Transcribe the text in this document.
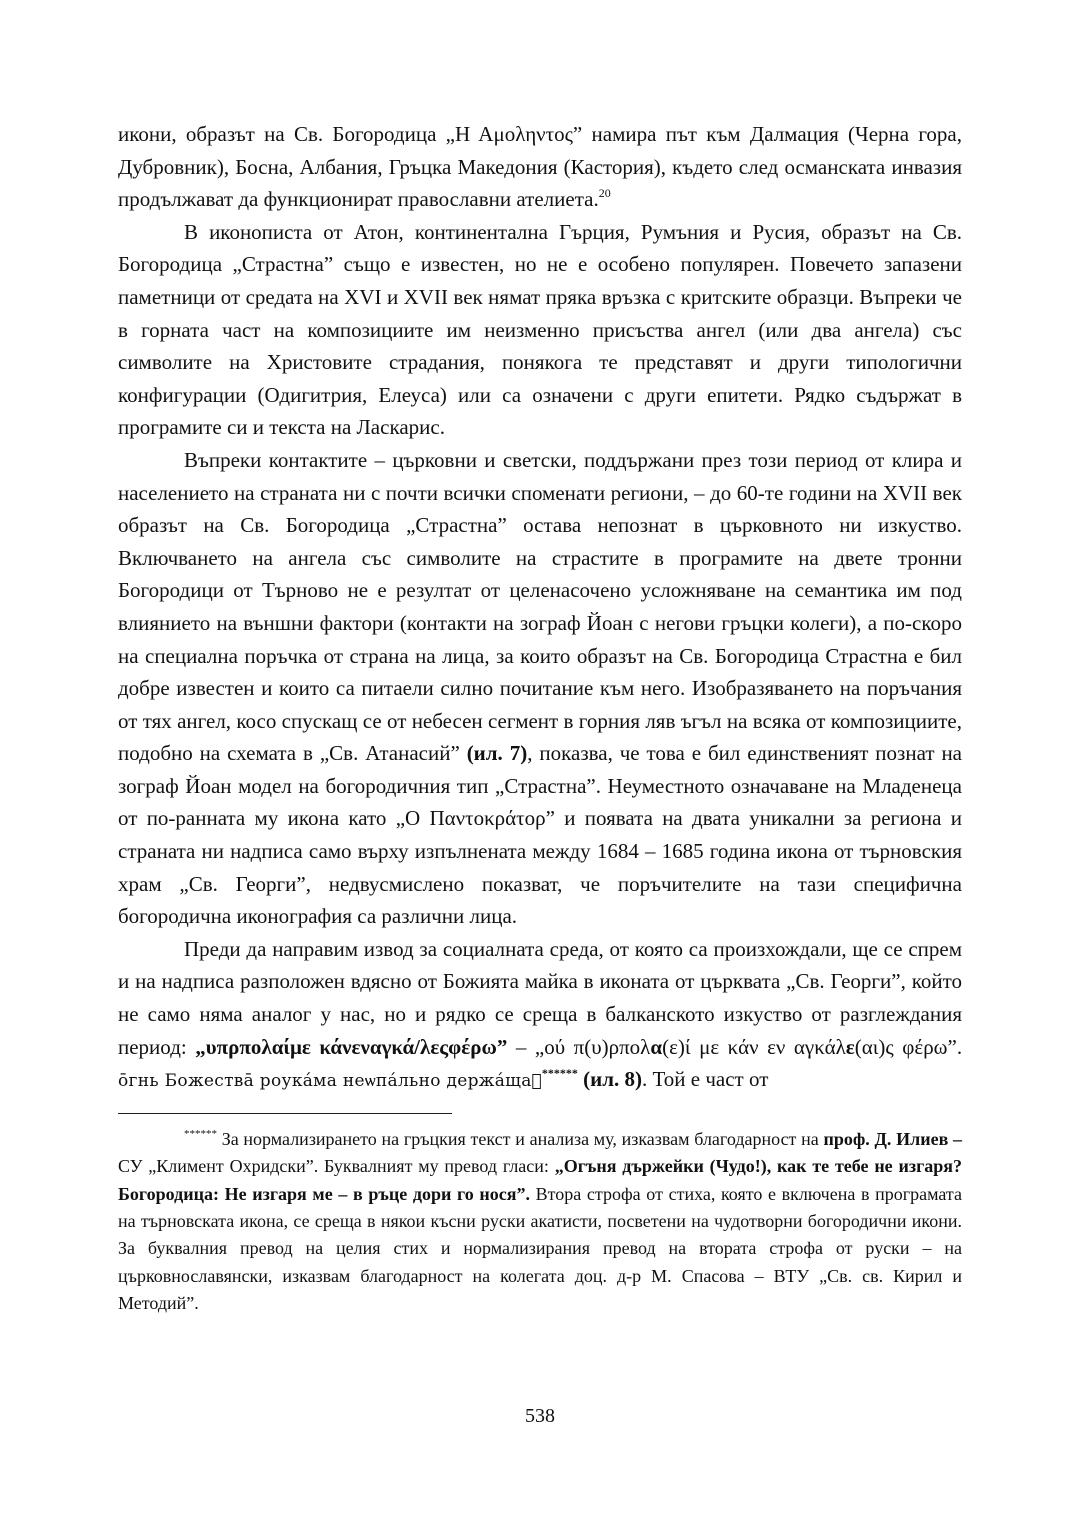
икони, образът на Св. Богородица „Η Αμοληντος” намира път към Далмация (Черна гора, Дубровник), Босна, Албания, Гръцка Македония (Кастория), където след османската инвазия продължават да функционират православни ателиета.$^{20}$

В иконописта от Атон, континентална Гърция, Румъния и Русия, образът на Св. Богородица „Страстна” също е известен, но не е особено популярен. Повечето запазени паметници от средата на XVI и XVII век нямат пряка връзка с критските образци. Въпреки че в горната част на композициите им неизменно присъства ангел (или два ангела) със символите на Христовите страдания, понякога те представят и други типологични конфигурации (Одигитрия, Елеуса) или са означени с други епитети. Рядко съдържат в програмите си и текста на Ласкарис.

Въпреки контактите – църковни и светски, поддържани през този период от клира и населението на страната ни с почти всички споменати региони, – до 60-те години на XVII век образът на Св. Богородица „Страстна” остава непознат в църковното ни изкуство. Включването на ангела със символите на страстите в програмите на двете тронни Богородици от Търново не е резултат от целенасочено усложняване на семантика им под влиянието на външни фактори (контакти на зограф Йоан с негови гръцки колеги), а по-скоро на специална поръчка от страна на лица, за които образът на Св. Богородица Страстна е бил добре известен и които са питаели силно почитание към него. Изобразяването на поръчания от тях ангел, косо спускащ се от небесен сегмент в горния ляв ъгъл на всяка от композициите, подобно на схемата в „Св. Атанасий” (ил. 7), показва, че това е бил единственият познат на зограф Йоан модел на богородичния тип „Страстна”. Неуместното означаване на Младенеца от по-ранната му икона като „Ο Παντοκράτορ” и появата на двата уникални за региона и страната ни надписа само върху изпълнената между 1684 – 1685 година икона от търновския храм „Св. Георги”, недвусмислено показват, че поръчителите на тази специфична богородична иконография са различни лица.

Преди да направим извод за социалната среда, от която са произхождали, ще се спрем и на надписа разположен вдясно от Божията майка в иконата от църквата „Св. Георги”, който не само няма аналог у нас, но и рядко се среща в балканското изкуство от разглеждания период: „υπρπολαίμε κάνεναγκά/λεςφέρω” – „ού π(υ)ρπολα(ε)ί με κάν εν αγκάλε(αι)ς φέρω”. о̄гнь Божества̄ роукáма неѡпáльно держáщаⷣ****** (ил. 8). Той е част от

****** За нормализирането на гръцкия текст и анализа му, изказвам благодарност на проф. Д. Илиев – СУ „Климент Охридски”. Буквалният му превод гласи: „Огъня държейки (Чудо!), как те тебе не изгаря? Богородица: Не изгаря ме – в ръце дори го нося”. Втора строфа от стиха, която е включена в програмата на търновската икона, се среща в някои късни руски акатисти, посветени на чудотворни богородични икони. За буквалния превод на целия стих и нормализирания превод на втората строфа от руски – на църковнославянски, изказвам благодарност на колегата доц. д-р М. Спасова – ВТУ „Св. св. Кирил и Методий”.

538
